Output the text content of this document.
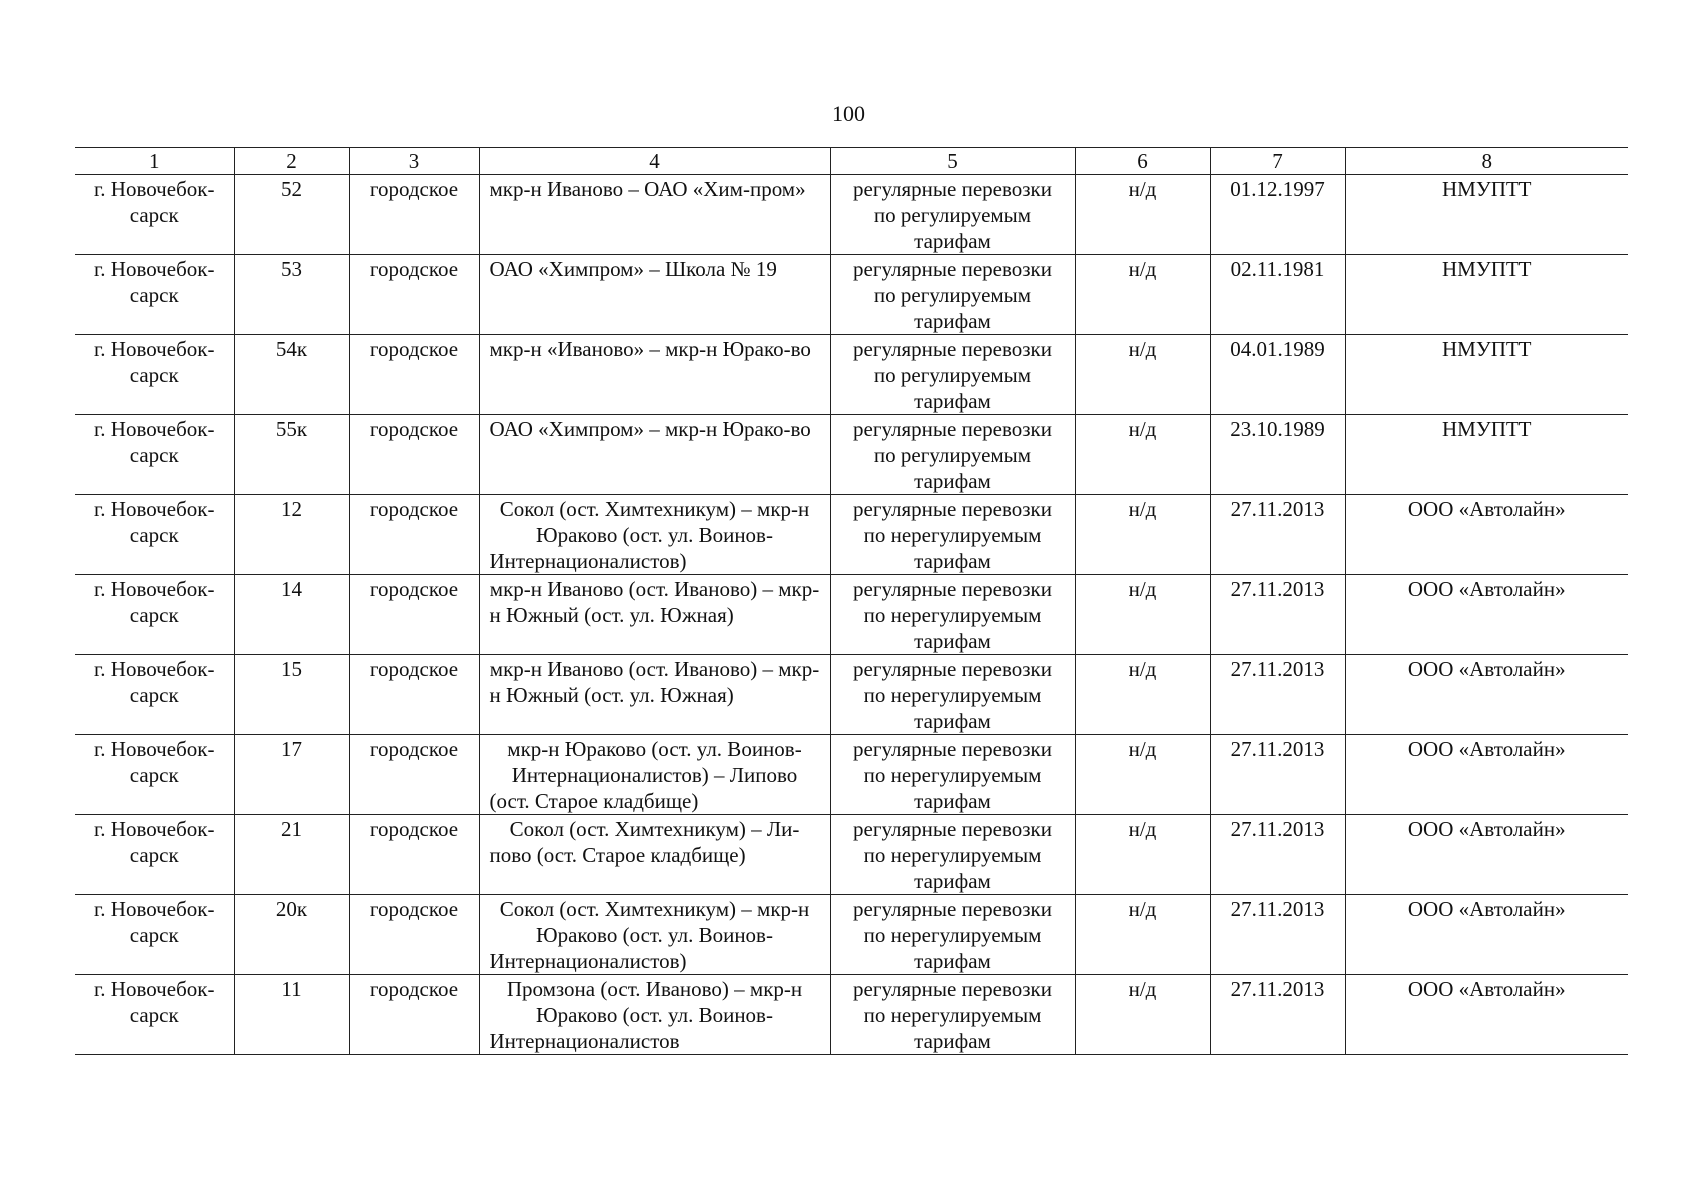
100
1	2	3	4	5	6	7	8
г. Новочебок-сарск	52	городское	мкр-н Иваново – ОАО «Хим-пром»	регулярные перевозки по регулируемым тарифам	н/д	01.12.1997	НМУПТТ
г. Новочебок-сарск	53	городское	ОАО «Химпром» – Школа № 19	регулярные перевозки по регулируемым тарифам	н/д	02.11.1981	НМУПТТ
г. Новочебок-сарск	54к	городское	мкр-н «Иваново» – мкр-н Юрако-во	регулярные перевозки по регулируемым тарифам	н/д	04.01.1989	НМУПТТ
г. Новочебок-сарск	55к	городское	ОАО «Химпром» – мкр-н Юрако-во	регулярные перевозки по регулируемым тарифам	н/д	23.10.1989	НМУПТТ
г. Новочебок-сарск	12	городское	Сокол (ост. Химтехникум) – мкр-н Юраково (ост. ул. Воинов-Интернационалистов)	регулярные перевозки по нерегулируемым тарифам	н/д	27.11.2013	ООО «Автолайн»
г. Новочебок-сарск	14	городское	мкр-н Иваново (ост. Иваново) – мкр-н Южный (ост. ул. Южная)	регулярные перевозки по нерегулируемым тарифам	н/д	27.11.2013	ООО «Автолайн»
г. Новочебок-сарск	15	городское	мкр-н Иваново (ост. Иваново) – мкр-н Южный (ост. ул. Южная)	регулярные перевозки по нерегулируемым тарифам	н/д	27.11.2013	ООО «Автолайн»
г. Новочебок-сарск	17	городское	мкр-н Юраково (ост. ул. Воинов-Интернационалистов) – Липово (ост. Старое кладбище)	регулярные перевозки по нерегулируемым тарифам	н/д	27.11.2013	ООО «Автолайн»
г. Новочебок-сарск	21	городское	Сокол (ост. Химтехникум) – Ли-пово (ост. Старое кладбище)	регулярные перевозки по нерегулируемым тарифам	н/д	27.11.2013	ООО «Автолайн»
г. Новочебок-сарск	20к	городское	Сокол (ост. Химтехникум) – мкр-н Юраково (ост. ул. Воинов-Интернационалистов)	регулярные перевозки по нерегулируемым тарифам	н/д	27.11.2013	ООО «Автолайн»
г. Новочебок-сарск	11	городское	Промзона (ост. Иваново) – мкр-н Юраково (ост. ул. Воинов-Интернационалистов	регулярные перевозки по нерегулируемым тарифам	н/д	27.11.2013	ООО «Автолайн»
